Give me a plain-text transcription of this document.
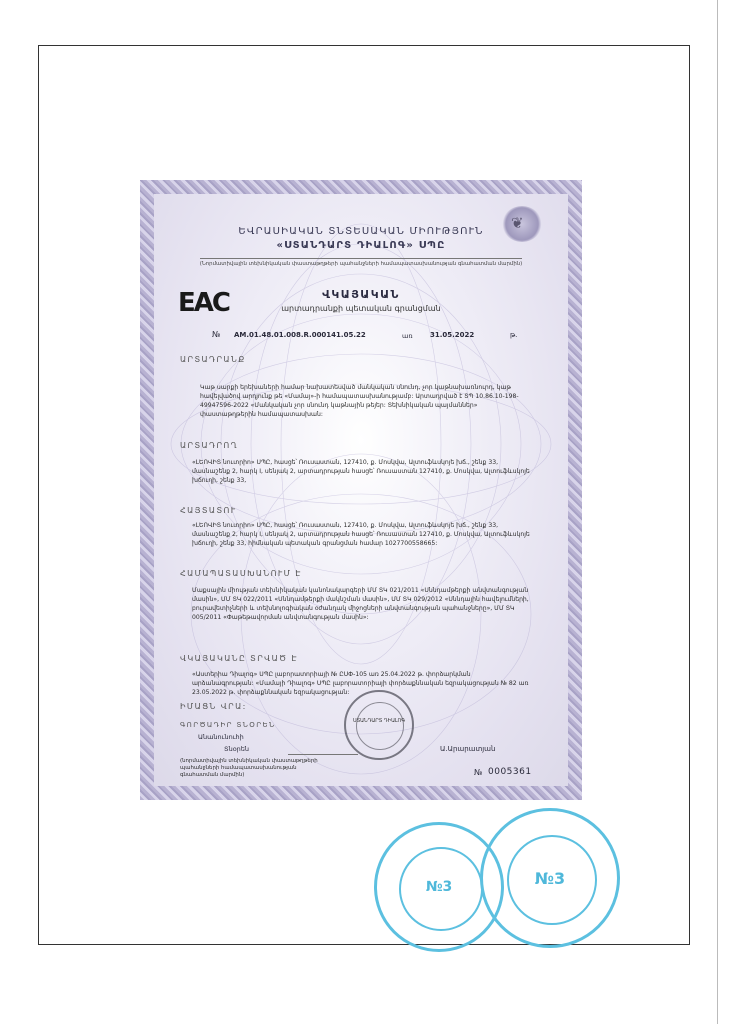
❦
ԵՎՐԱՍԻԱԿԱՆ ՏՆՏԵՍԱԿԱՆ ՄԻՈՒԹՅՈՒՆ
«ՍՏԱՆԴԱՐՏ ԴԻԱԼՈԳ» ՍՊԸ
(Նորմատիվային տեխնիկական փաստաթղթերի պահանջների համապատասխանության գնահատման մարմին)
EAC	ՎԿԱՅԱԿԱՆ
արտադրանքի պետական գրանցման
№ AM.01.48.01.008.R.000141.05.22	առ 31.05.2022	թ.
ԱՐՏԱԴՐԱՆՔ
Կաթ սարքի երեխաների համար նախատեսված մանկական սնունդ, չոր կաթնախառնուրդ, կաթ հավելվածով արդյունք թե «Մամայ»-ի համապատասխանությամբ: Արտադրված է ՏՊ 10.86.10-198-49947596-2022 «Մանկական չոր սնունդ կաթնային թեյեր: Տեխնիկական պայմաններ» փաստաթղթերին համապատասխան:
ԱՐՏԱԴՐՈՂ
«ԼԵՈՎԻՏ նուտրիո» ՍՊԸ, հասցե՝ Ռուսաստան, 127410, ք. Մոսկվա, Ալտուֆևսկոյե խճ., շենք 33, մասնաշենք 2, հարկ I, սենյակ 2, արտադրության հասցե՝ Ռուսաստան 127410, ք. Մոսկվա, Ալտուֆևսկոյե խճուղի, շենք 33,
ՀԱՅՏԱՏՈՒ
«ԼԵՈՎԻՏ նուտրիո» ՍՊԸ, հասցե՝ Ռուսաստան, 127410, ք. Մոսկվա, Ալտուֆևսկոյե խճ., շենք 33, մասնաշենք 2, հարկ I, սենյակ 2, արտադրության հասցե՝ Ռուսաստան 127410, ք. Մոսկվա, Ալտուֆևսկոյե խճուղի, շենք 33, հիմնական պետական գրանցման համար 1027700558665:
ՀԱՄԱՊԱՏԱՍԽԱՆՈՒՄ Է
Մաքսային միության տեխնիկական կանոնակարգերի ՄՄ ՏԿ 021/2011 «Սննդամթերքի անվտանգության մասին», ՄՄ ՏԿ 022/2011 «Սննդամթերքի մակնշման մասին», ՄՄ ՏԿ 029/2012 «Սննդային հավելումների, բուրավետիչների և տեխնոլոգիական օժանդակ միջոցների անվտանգության պահանջները», ՄՄ ՏԿ 005/2011 «Փաթեթավորման անվտանգության մասին»:
ՎԿԱՅԱԿԱՆԸ ՏՐՎԱԾ Է
«Աստերիա Դիալոգ» ՍՊԸ լաբորատորիայի № ԸՍՓ-105 առ 25.04.2022 թ. փորձարկման արձանագրության: «Մամայի Դիալոգ» ՍՊԸ լաբորատորիայի փորձաքննական եզրակացության № 82 առ 23.05.2022 թ. փորձաքննական եզրակացության:
ԻՄԱՑՆ ՎՐԱ:
ԳՈՐԾԱԴԻՐ ՏՆՕՐԵՆ
Անանունուհի
Տնօրեն	Ա.Արարատյան
ՍՏԱՆԴԱՐՏ ԴԻԱԼՈԳ
(նորմատիվային տեխնիկական փաստաթղթերի պահանջների համապատասխանության գնահատման մարմին)	№ 0005361
№3	№3
